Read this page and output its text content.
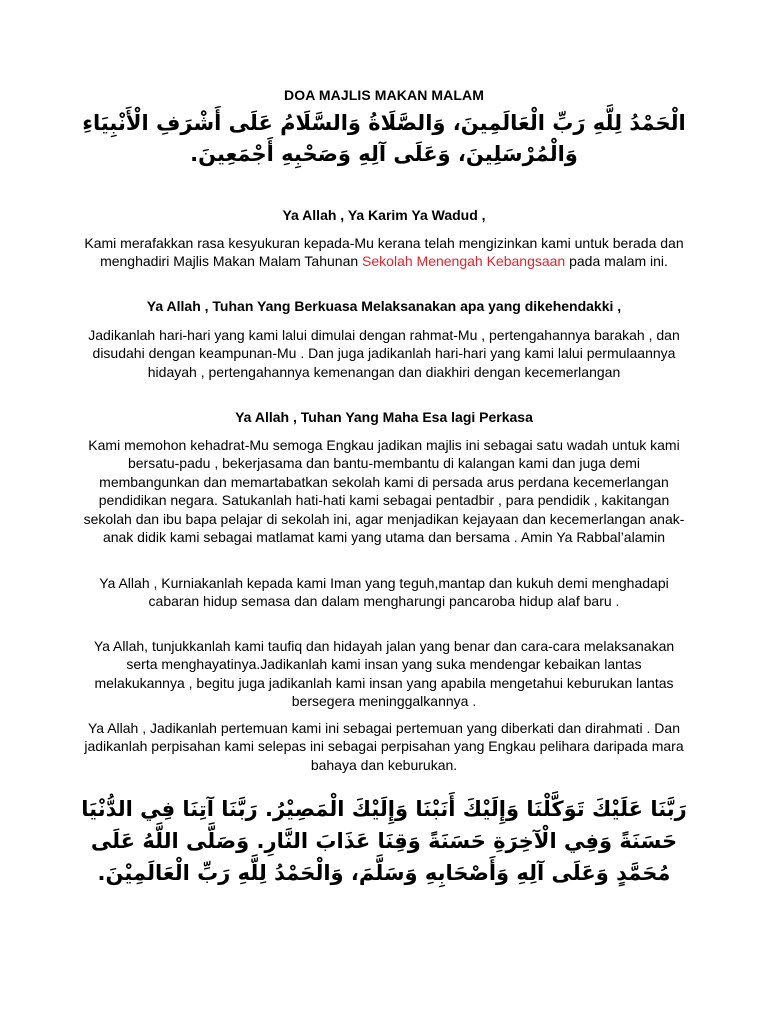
DOA MAJLIS MAKAN MALAM
الْحَمْدُ لِلَّهِ رَبِّ الْعَالَمِينَ، وَالصَّلَاةُ وَالسَّلَامُ عَلَى أَشْرَفِ الْأَنْبِيَاءِ وَالْمُرْسَلِينَ، وَعَلَى آلِهِ وَصَحْبِهِ أَجْمَعِينَ.
Ya Allah , Ya Karim Ya Wadud ,
Kami merafakkan rasa kesyukuran kepada-Mu kerana telah mengizinkan kami untuk berada dan menghadiri Majlis Makan Malam Tahunan Sekolah Menengah Kebangsaan pada malam ini.
Ya Allah , Tuhan Yang Berkuasa Melaksanakan apa yang dikehendakki ,
Jadikanlah hari-hari yang kami lalui dimulai dengan rahmat-Mu , pertengahannya barakah , dan disudahi dengan keampunan-Mu . Dan juga jadikanlah hari-hari yang kami lalui permulaannya hidayah , pertengahannya kemenangan dan diakhiri dengan kecemerlangan
Ya Allah , Tuhan Yang Maha Esa lagi Perkasa
Kami memohon kehadrat-Mu semoga Engkau jadikan majlis ini sebagai satu wadah untuk kami bersatu-padu , bekerjasama dan bantu-membantu di kalangan kami dan juga demi membangunkan dan memartabatkan sekolah kami di persada arus perdana kecemerlangan pendidikan negara. Satukanlah hati-hati kami sebagai pentadbir , para pendidik , kakitangan sekolah dan ibu bapa pelajar di sekolah ini, agar menjadikan kejayaan dan kecemerlangan anak-anak didik kami sebagai matlamat kami yang utama dan bersama . Amin Ya Rabbal’alamin
Ya Allah , Kurniakanlah kepada kami Iman yang teguh,mantap dan kukuh demi menghadapi cabaran hidup semasa dan dalam mengharungi pancaroba hidup alaf baru .
Ya Allah, tunjukkanlah kami taufiq dan hidayah jalan yang benar dan cara-cara melaksanakan serta menghayatinya.Jadikanlah kami insan yang suka mendengar kebaikan lantas melakukannya , begitu juga jadikanlah kami insan yang apabila mengetahui keburukan lantas bersegera meninggalkannya .
Ya Allah , Jadikanlah pertemuan kami ini sebagai pertemuan yang diberkati dan dirahmati . Dan jadikanlah perpisahan kami selepas ini sebagai perpisahan yang Engkau pelihara daripada mara bahaya dan keburukan.
رَبَّنَا عَلَيْكَ تَوَكَّلْنَا وَإِلَيْكَ أَنَبْنَا وَإِلَيْكَ الْمَصِيْرُ. رَبَّنَا آتِنَا فِي الدُّنْيَا حَسَنَةً وَفِي الْآخِرَةِ حَسَنَةً وَقِنَا عَذَابَ النَّارِ. وَصَلَّى اللَّهُ عَلَى مُحَمَّدٍ وَعَلَى آلِهِ وَأَصْحَابِهِ وَسَلَّمَ، وَالْحَمْدُ لِلَّهِ رَبِّ الْعَالَمِيْنَ.
